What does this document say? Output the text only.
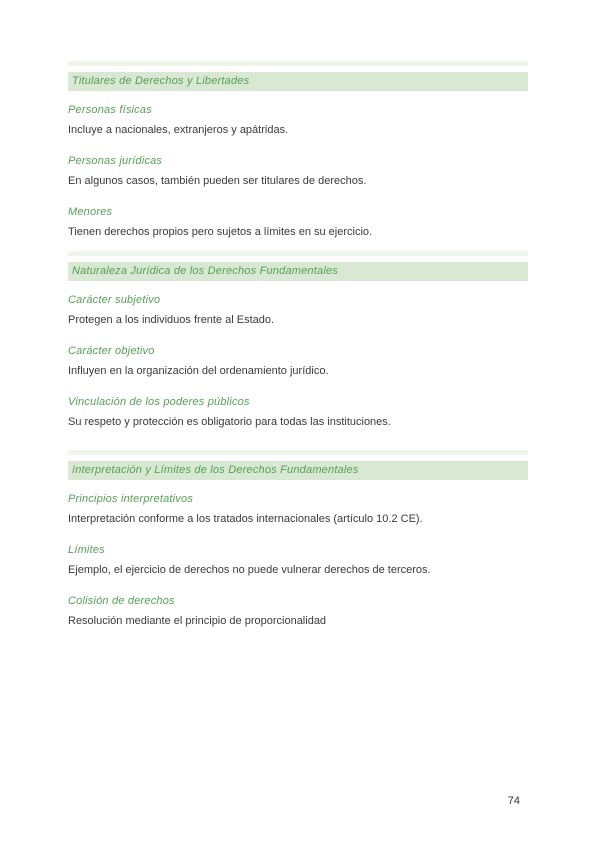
Titulares de Derechos y Libertades
Personas físicas
Incluye a nacionales, extranjeros y apátridas.
Personas jurídicas
En algunos casos, también pueden ser titulares de derechos.
Menores
Tienen derechos propios pero sujetos a límites en su ejercicio.
Naturaleza Jurídica de los Derechos Fundamentales
Carácter subjetivo
Protegen a los individuos frente al Estado.
Carácter objetivo
Influyen en la organización del ordenamiento jurídico.
Vinculación de los poderes públicos
Su respeto y protección es obligatorio para todas las instituciones.
Interpretación y Límites de los Derechos Fundamentales
Principios interpretativos
Interpretación conforme a los tratados internacionales (artículo 10.2 CE).
Límites
Ejemplo, el ejercicio de derechos no puede vulnerar derechos de terceros.
Colisión de derechos
Resolución mediante el principio de proporcionalidad
74
